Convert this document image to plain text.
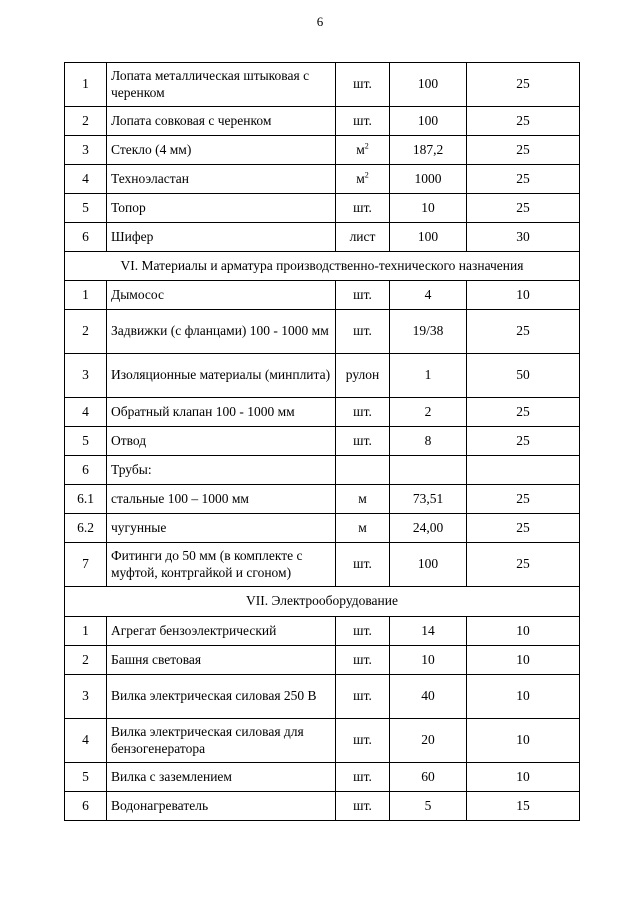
6
1	Лопата металлическая штыковая с черенком	шт.	100	25
2	Лопата совковая с черенком	шт.	100	25
3	Стекло (4 мм)	$м^2$	187,2	25
4	Техноэластан	$м^2$	1000	25
5	Топор	шт.	10	25
6	Шифер	лист	100	30
VI. Материалы и арматура производственно-технического назначения				
1	Дымосос	шт.	4	10
2	Задвижки (с фланцами) 100 - 1000 мм	шт.	19/38	25
3	Изоляционные материалы (минплита)	рулон	1	50
4	Обратный клапан 100 - 1000 мм	шт.	2	25
5	Отвод	шт.	8	25
6	Трубы:			
6.1	стальные 100 – 1000 мм	м	73,51	25
6.2	чугунные	м	24,00	25
7	Фитинги до 50 мм (в комплекте с муфтой, контргайкой и сгоном)	шт.	100	25
VII. Электрооборудование				
1	Агрегат бензоэлектрический	шт.	14	10
2	Башня световая	шт.	10	10
3	Вилка электрическая силовая 250 В	шт.	40	10
4	Вилка электрическая силовая для бензогенератора	шт.	20	10
5	Вилка с заземлением	шт.	60	10
6	Водонагреватель	шт.	5	15
